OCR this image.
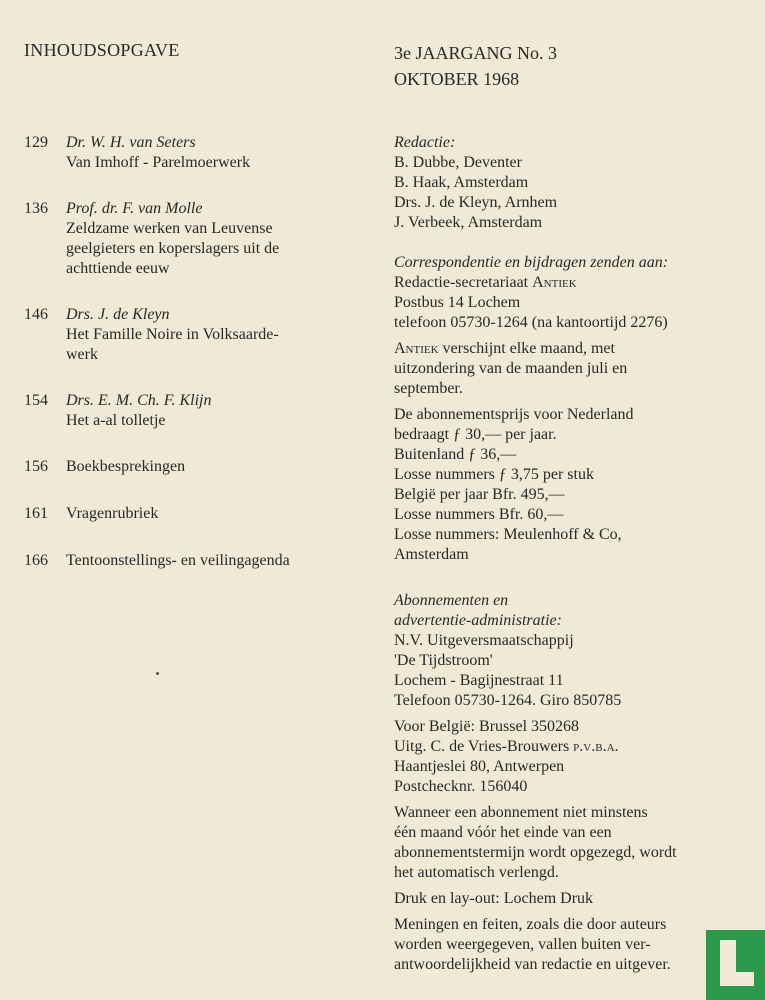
INHOUDSOPGAVE	3e JAARGANG No. 3
OKTOBER 1968
129	Dr. W. H. van Seters
Van Imhoff - Parelmoerwerk
136	Prof. dr. F. van Molle
Zeldzame werken van Leuvense
geelgieters en koperslagers uit de
achttiende eeuw
146	Drs. J. de Kleyn
Het Famille Noire in Volksaarde-
werk
154	Drs. E. M. Ch. F. Klijn
Het a-al tolletje
156	Boekbesprekingen
161	Vragenrubriek
166	Tentoonstellings- en veilingagenda
Redactie:
B. Dubbe, Deventer
B. Haak, Amsterdam
Drs. J. de Kleyn, Arnhem
J. Verbeek, Amsterdam
Correspondentie en bijdragen zenden aan:
Redactie-secretariaat Antiek
Postbus 14 Lochem
telefoon 05730-1264 (na kantoortijd 2276)
Antiek verschijnt elke maand, met
uitzondering van de maanden juli en
september.
De abonnementsprijs voor Nederland
bedraagt ƒ 30,— per jaar.
Buitenland ƒ 36,—
Losse nummers ƒ 3,75 per stuk
België per jaar Bfr. 495,—
Losse nummers Bfr. 60,—
Losse nummers: Meulenhoff & Co,
Amsterdam
Abonnementen en
advertentie-administratie:
N.V. Uitgeversmaatschappij
'De Tijdstroom'
Lochem - Bagijnestraat 11
Telefoon 05730-1264. Giro 850785
Voor België: Brussel 350268
Uitg. C. de Vries-Brouwers p.v.b.a.
Haantjeslei 80, Antwerpen
Postchecknr. 156040
Wanneer een abonnement niet minstens
één maand vóór het einde van een
abonnementstermijn wordt opgezegd, wordt
het automatisch verlengd.
Druk en lay-out: Lochem Druk
Meningen en feiten, zoals die door auteurs
worden weergegeven, vallen buiten ver-
antwoordelijkheid van redactie en uitgever.
